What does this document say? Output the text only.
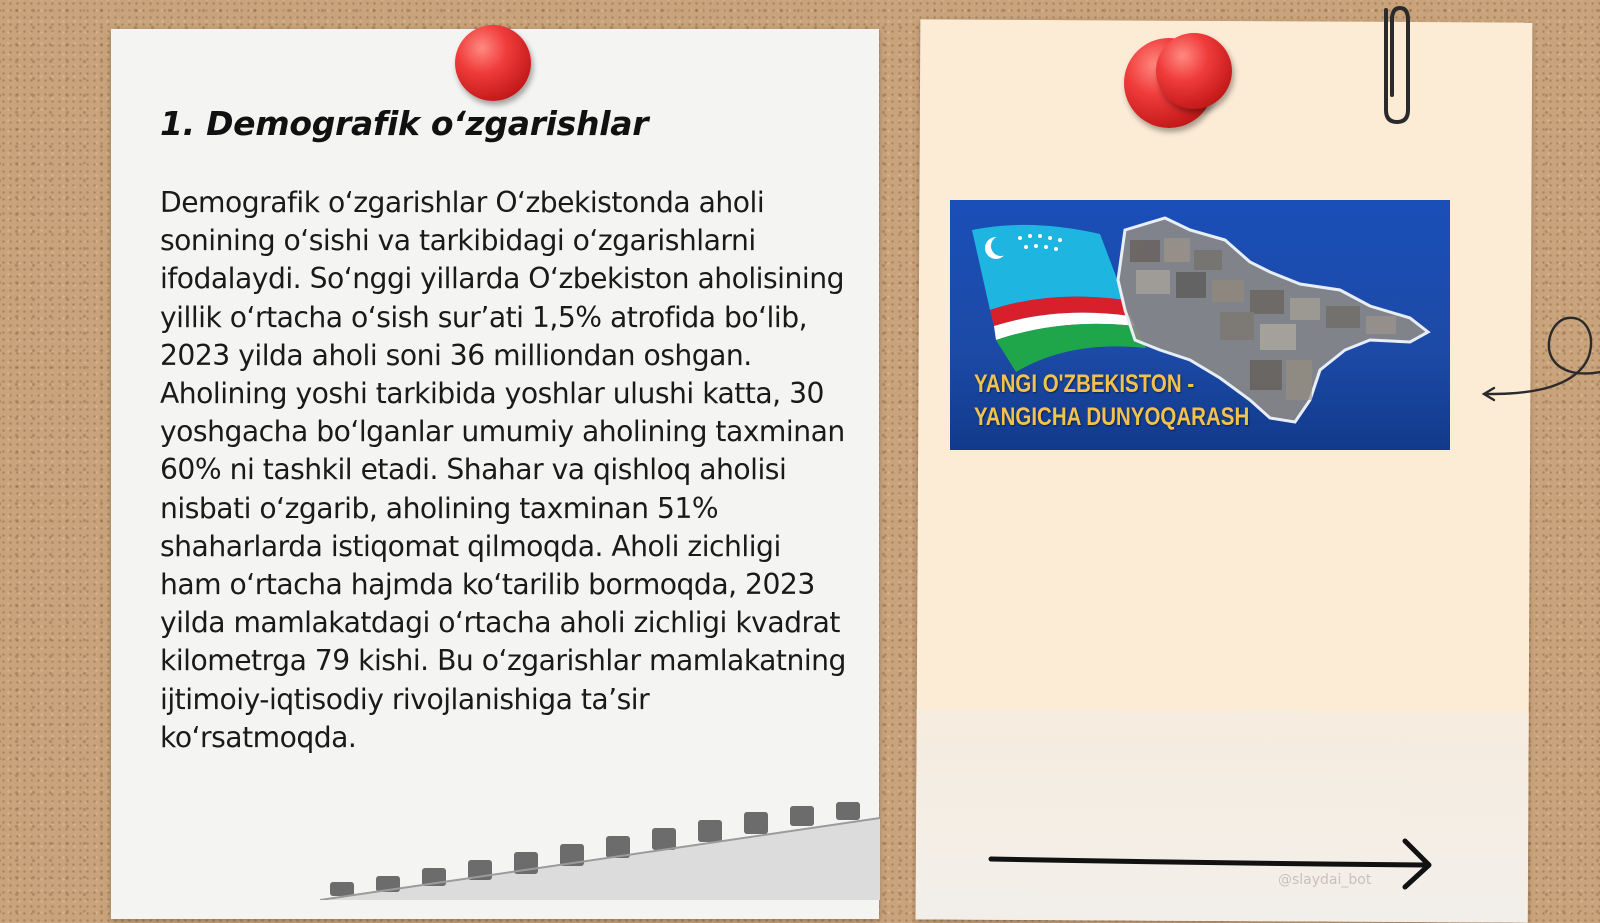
1. Demografik o‘zgarishlar

Demografik o‘zgarishlar O‘zbekistonda aholi sonining o‘sishi va tarkibidagi o‘zgarishlarni ifodalaydi. So‘nggi yillarda O‘zbekiston aholisining yillik o‘rtacha o‘sish sur’ati 1,5% atrofida bo‘lib, 2023 yilda aholi soni 36 milliondan oshgan. Aholining yoshi tarkibida yoshlar ulushi katta, 30 yoshgacha bo‘lganlar umumiy aholining taxminan 60% ni tashkil etadi. Shahar va qishloq aholisi nisbati o‘zgarib, aholining taxminan 51% shaharlarda istiqomat qilmoqda. Aholi zichligi ham o‘rtacha hajmda ko‘tarilib bormoqda, 2023 yilda mamlakatdagi o‘rtacha aholi zichligi kvadrat kilometrga 79 kishi. Bu o‘zgarishlar mamlakatning ijtimoiy-iqtisodiy rivojlanishiga ta’sir ko‘rsatmoqda.

YANGI O'ZBEKISTON -
YANGICHA DUNYOQARASH
@slaydai_bot
